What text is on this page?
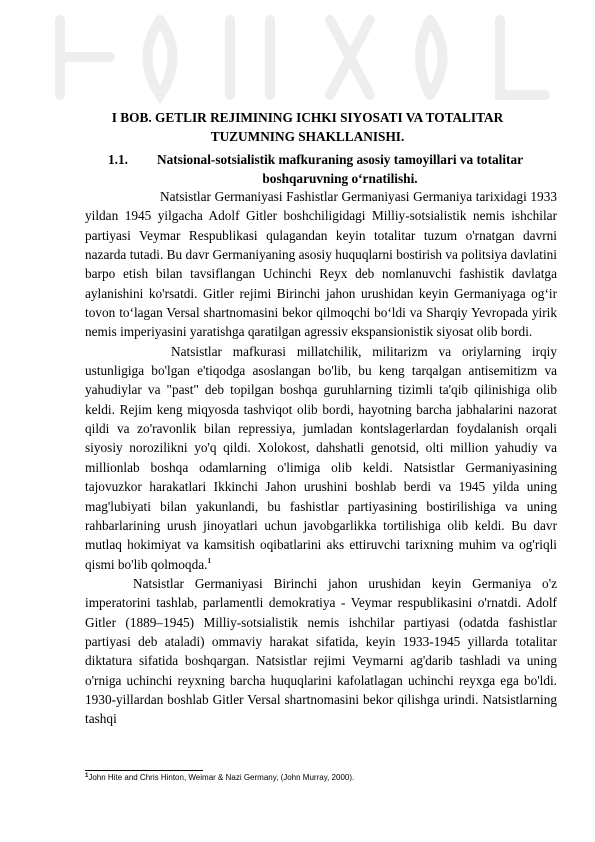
I BOB. GETLIR REJIMINING ICHKI SIYOSATI VA TOTALITAR
TUZUMNING SHAKLLANISHI.
1.1.	Natsional-sotsialistik mafkuraning asosiy tamoyillari va totalitar
boshqaruvning o‘rnatilishi.

Natsistlar Germaniyasi Fashistlar Germaniyasi Germaniya tarixidagi 1933 yildan 1945 yilgacha Adolf Gitler boshchiligidagi Milliy-sotsialistik nemis ishchilar partiyasi Veymar Respublikasi qulagandan keyin totalitar tuzum o'rnatgan davrni nazarda tutadi. Bu davr Germaniyaning asosiy huquqlarni bostirish va politsiya davlatini barpo etish bilan tavsiflangan Uchinchi Reyx deb nomlanuvchi fashistik davlatga aylanishini ko'rsatdi. Gitler rejimi Birinchi jahon urushidan keyin Germaniyaga og‘ir tovon to‘lagan Versal shartnomasini bekor qilmoqchi bo‘ldi va Sharqiy Yevropada yirik nemis imperiyasini yaratishga qaratilgan agressiv ekspansionistik siyosat olib bordi.

Natsistlar mafkurasi millatchilik, militarizm va oriylarning irqiy ustunligiga bo'lgan e'tiqodga asoslangan bo'lib, bu keng tarqalgan antisemitizm va yahudiylar va "past" deb topilgan boshqa guruhlarning tizimli ta'qib qilinishiga olib keldi. Rejim keng miqyosda tashviqot olib bordi, hayotning barcha jabhalarini nazorat qildi va zo'ravonlik bilan repressiya, jumladan kontslagerlardan foydalanish orqali siyosiy norozilikni yo'q qildi. Xolokost, dahshatli genotsid, olti million yahudiy va millionlab boshqa odamlarning o'limiga olib keldi. Natsistlar Germaniyasining tajovuzkor harakatlari Ikkinchi Jahon urushini boshlab berdi va 1945 yilda uning mag'lubiyati bilan yakunlandi, bu fashistlar partiyasining bostirilishiga va uning rahbarlarining urush jinoyatlari uchun javobgarlikka tortilishiga olib keldi. Bu davr mutlaq hokimiyat va kamsitish oqibatlarini aks ettiruvchi tarixning muhim va og'riqli qismi bo'lib qolmoqda.$^1$

Natsistlar Germaniyasi Birinchi jahon urushidan keyin Germaniya o'z imperatorini tashlab, parlamentli demokratiya - Veymar respublikasini o'rnatdi. Adolf Gitler (1889–1945) Milliy-sotsialistik nemis ishchilar partiyasi (odatda fashistlar partiyasi deb ataladi) ommaviy harakat sifatida, keyin 1933-1945 yillarda totalitar diktatura sifatida boshqargan. Natsistlar rejimi Veymarni ag'darib tashladi va uning o'rniga uchinchi reyxning barcha huquqlarini kafolatlagan uchinchi reyxga ega bo'ldi. 1930-yillardan boshlab Gitler Versal shartnomasini bekor qilishga urindi. Natsistlarning tashqi

$^1$John Hite and Chris Hinton, Weimar & Nazi Germany, (John Murray, 2000).
